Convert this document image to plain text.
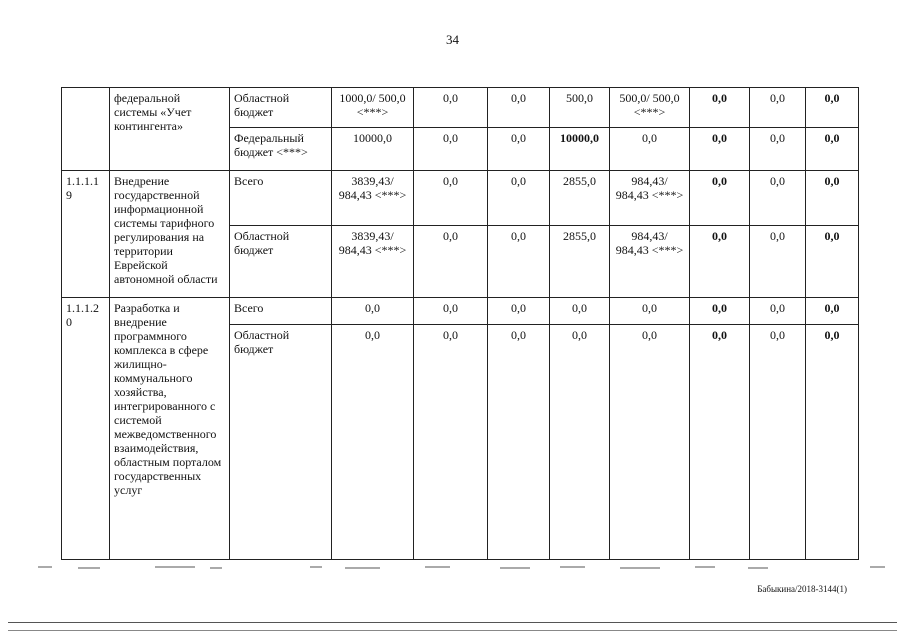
34
	федеральной системы «Учет контингента»	Областной бюджет	1000,0/ 500,0 <***>	0,0	0,0	500,0	500,0/ 500,0 <***>	0,0	0,0	0,0
		Федеральный бюджет <***>	10000,0	0,0	0,0	10000,0	0,0	0,0	0,0	0,0
1.1.1.1 9	Внедрение государственной информационной системы тарифного регулирования на территории Еврейской автономной области	Всего	3839,43/ 984,43 <***>	0,0	0,0	2855,0	984,43/ 984,43 <***>	0,0	0,0	0,0
		Областной бюджет	3839,43/ 984,43 <***>	0,0	0,0	2855,0	984,43/ 984,43 <***>	0,0	0,0	0,0
1.1.1.2 0	Разработка и внедрение программного комплекса в сфере жилищно-коммунального хозяйства, интегрированного с системой межведомственного взаимодействия, областным порталом государственных услуг	Всего	0,0	0,0	0,0	0,0	0,0	0,0	0,0	0,0
		Областной бюджет	0,0	0,0	0,0	0,0	0,0	0,0	0,0	0,0
Бабыкина/2018-3144(1)
